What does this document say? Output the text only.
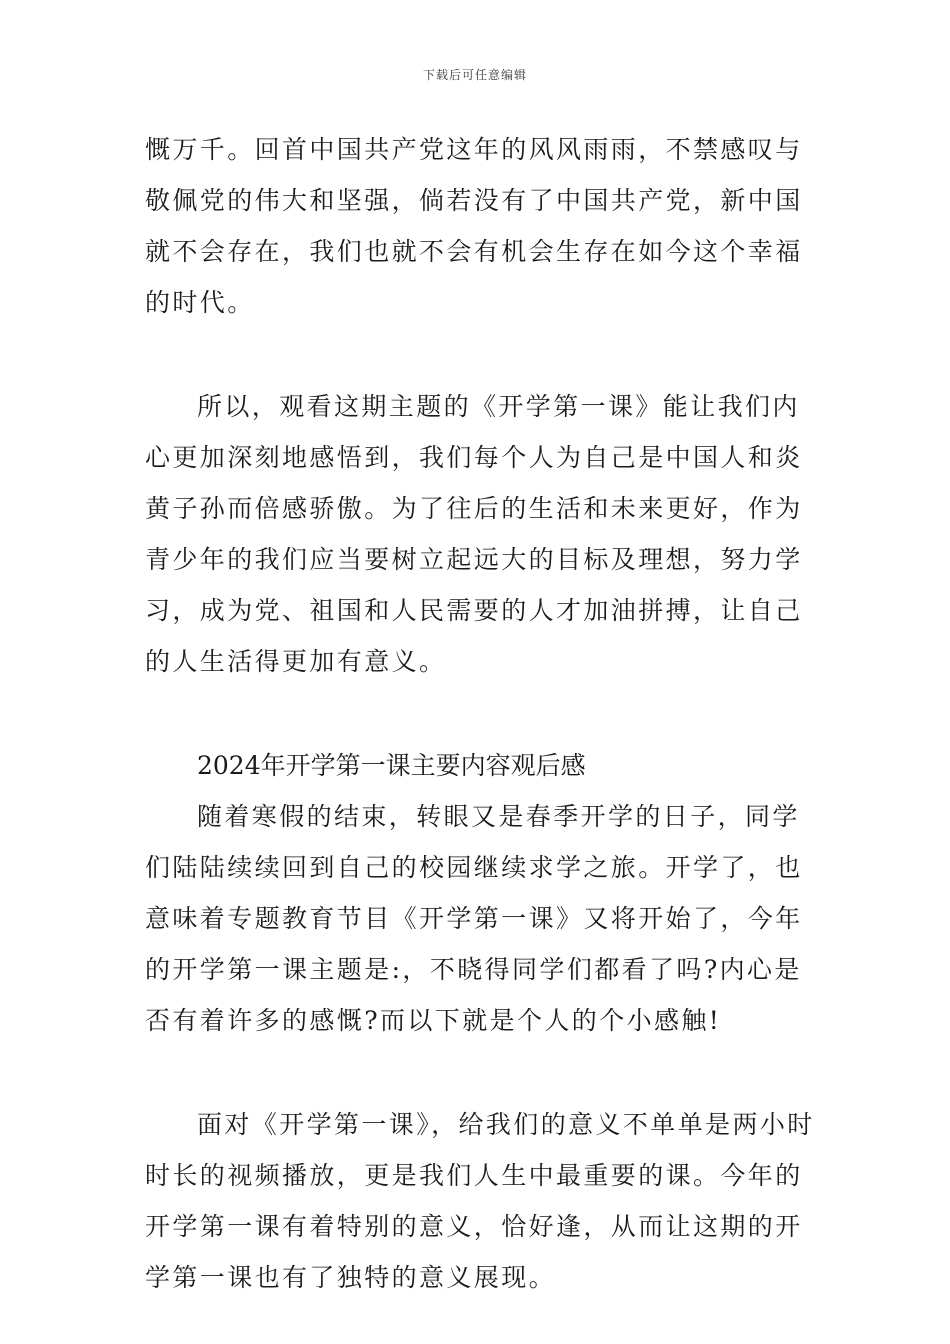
下载后可任意编辑

慨万千。回首中国共产党这年的风风雨雨，不禁感叹与敬佩党的伟大和坚强，倘若没有了中国共产党，新中国就不会存在，我们也就不会有机会生存在如今这个幸福的时代。

所以，观看这期主题的《开学第一课》能让我们内心更加深刻地感悟到，我们每个人为自己是中国人和炎黄子孙而倍感骄傲。为了往后的生活和未来更好，作为青少年的我们应当要树立起远大的目标及理想，努力学习，成为党、祖国和人民需要的人才加油拼搏，让自己的人生活得更加有意义。

2024年开学第一课主要内容观后感

随着寒假的结束，转眼又是春季开学的日子，同学们陆陆续续回到自己的校园继续求学之旅。开学了，也意味着专题教育节目《开学第一课》又将开始了，今年的开学第一课主题是:，不晓得同学们都看了吗?内心是否有着许多的感慨?而以下就是个人的个小感触!

面对《开学第一课》，给我们的意义不单单是两小时时长的视频播放，更是我们人生中最重要的课。今年的开学第一课有着特别的意义，恰好逢，从而让这期的开学第一课也有了独特的意义展现。
